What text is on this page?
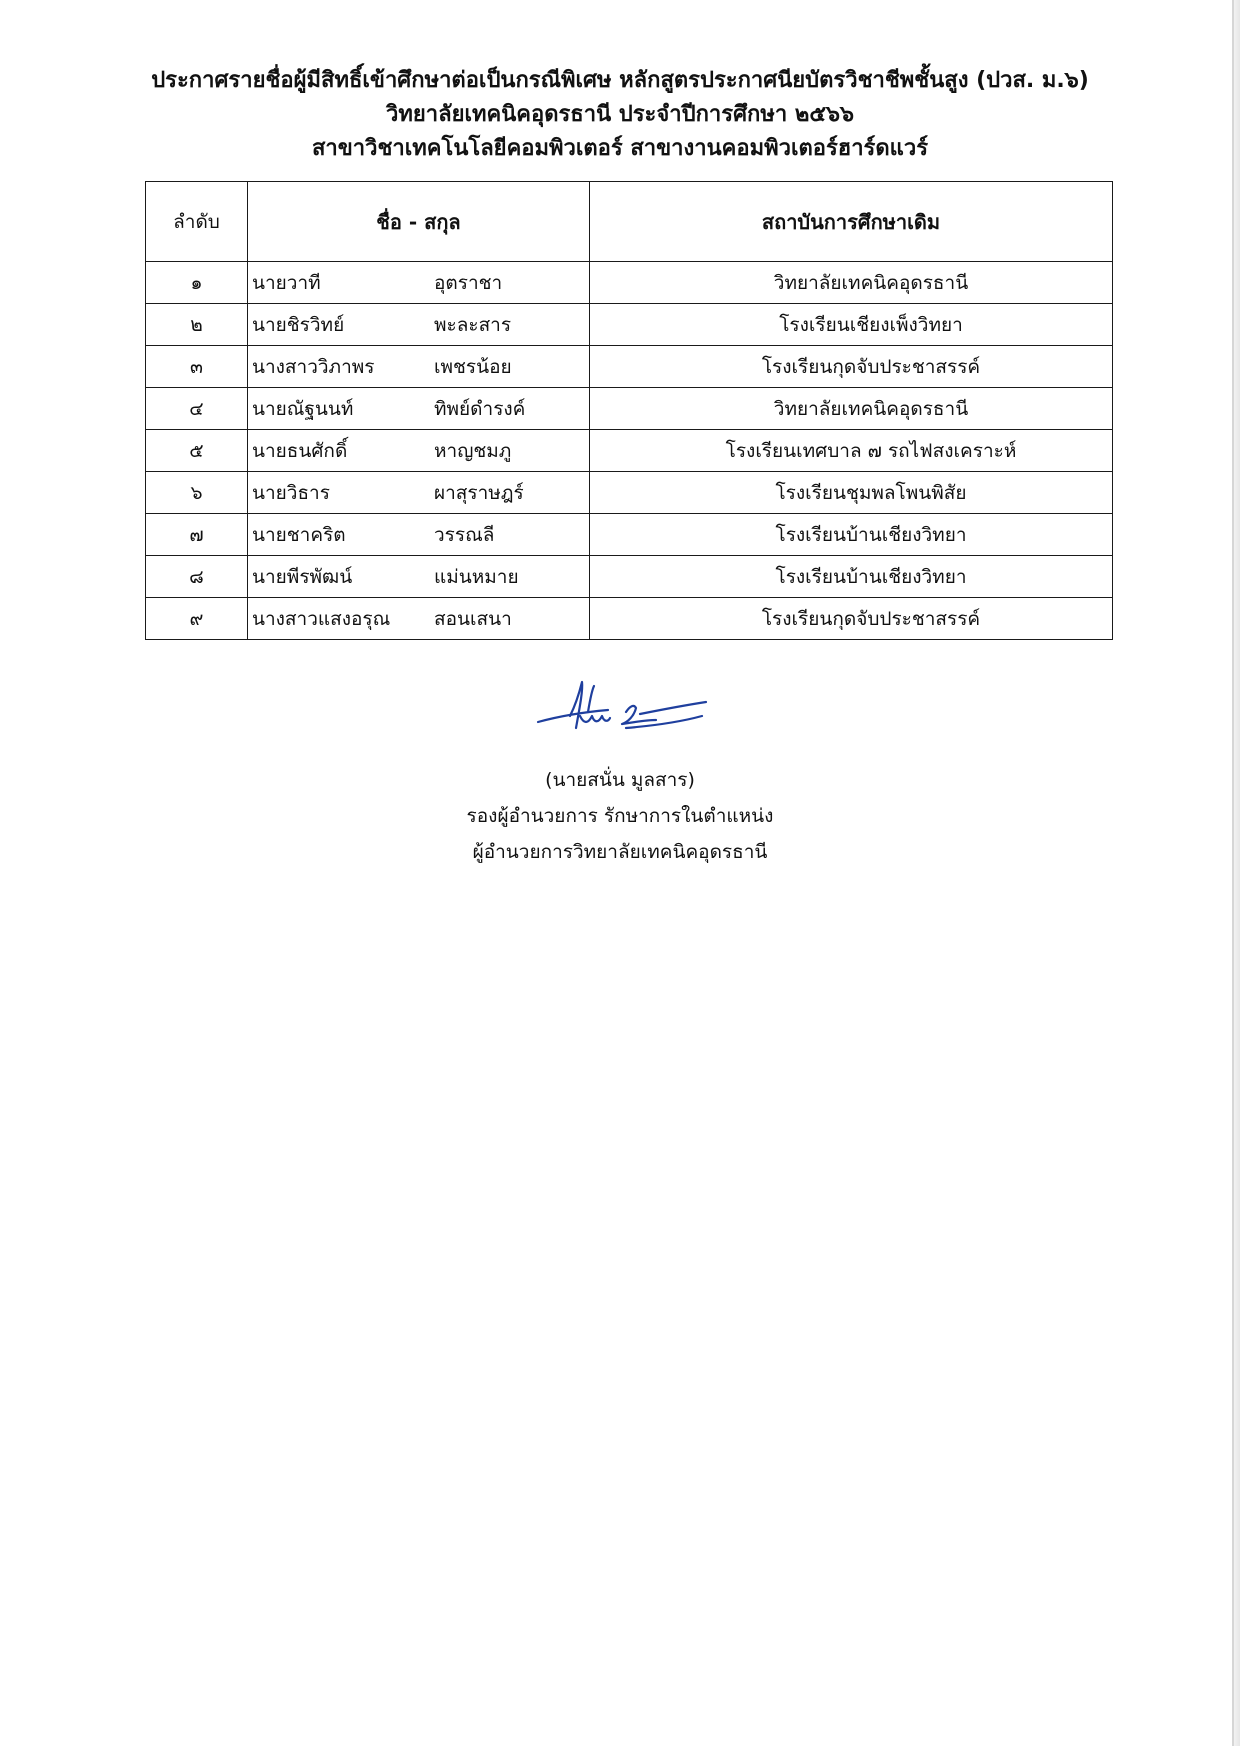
ประกาศรายชื่อผู้มีสิทธิ์เข้าศึกษาต่อเป็นกรณีพิเศษ หลักสูตรประกาศนียบัตรวิชาชีพชั้นสูง (ปวส. ม.๖)
วิทยาลัยเทคนิคอุดรธานี ประจำปีการศึกษา ๒๕๖๖
สาขาวิชาเทคโนโลยีคอมพิวเตอร์ สาขางานคอมพิวเตอร์ฮาร์ดแวร์
ลำดับ	ชื่อ - สกุล		สถาบันการศึกษาเดิม
๑	นายวาที	อุตราชา	วิทยาลัยเทคนิคอุดรธานี
๒	นายชิรวิทย์	พะละสาร	โรงเรียนเชียงเพ็งวิทยา
๓	นางสาววิภาพร	เพชรน้อย	โรงเรียนกุดจับประชาสรรค์
๔	นายณัฐนนท์	ทิพย์ดำรงค์	วิทยาลัยเทคนิคอุดรธานี
๕	นายธนศักดิ์	หาญชมภู	โรงเรียนเทศบาล ๗ รถไฟสงเคราะห์
๖	นายวิธาร	ผาสุราษฎร์	โรงเรียนชุมพลโพนพิสัย
๗	นายชาคริต	วรรณลี	โรงเรียนบ้านเชียงวิทยา
๘	นายพีรพัฒน์	แม่นหมาย	โรงเรียนบ้านเชียงวิทยา
๙	นางสาวแสงอรุณ	สอนเสนา	โรงเรียนกุดจับประชาสรรค์
(นายสนั่น มูลสาร)
รองผู้อำนวยการ รักษาการในตำแหน่ง
ผู้อำนวยการวิทยาลัยเทคนิคอุดรธานี
